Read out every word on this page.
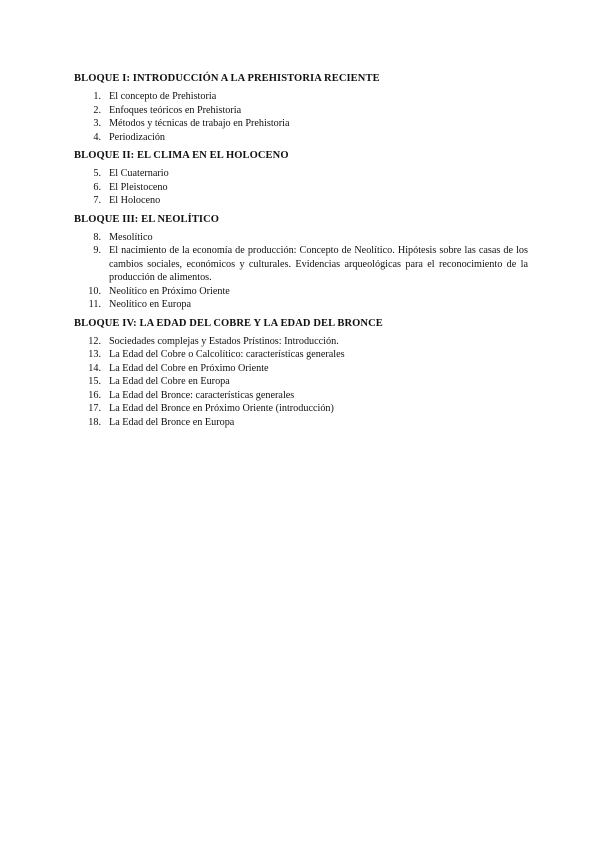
BLOQUE I: INTRODUCCIÓN A LA PREHISTORIA RECIENTE
1. El concepto de Prehistoria
2. Enfoques teóricos en Prehistoria
3. Métodos y técnicas de trabajo en Prehistoria
4. Periodización
BLOQUE II: EL CLIMA EN EL HOLOCENO
5. El Cuaternario
6. El Pleistoceno
7. El Holoceno
BLOQUE III: EL NEOLÍTICO
8. Mesolítico
9. El nacimiento de la economía de producción: Concepto de Neolítico. Hipótesis sobre las casas de los cambios sociales, económicos y culturales. Evidencias arqueológicas para el reconocimiento de la producción de alimentos.
10. Neolítico en Próximo Oriente
11. Neolítico en Europa
BLOQUE IV: LA EDAD DEL COBRE Y LA EDAD DEL BRONCE
12. Sociedades complejas y Estados Prístinos: Introducción.
13. La Edad del Cobre o Calcolítico: características generales
14. La Edad del Cobre en Próximo Oriente
15. La Edad del Cobre en Europa
16. La Edad del Bronce: características generales
17. La Edad del Bronce en Próximo Oriente (introducción)
18. La Edad del Bronce en Europa
